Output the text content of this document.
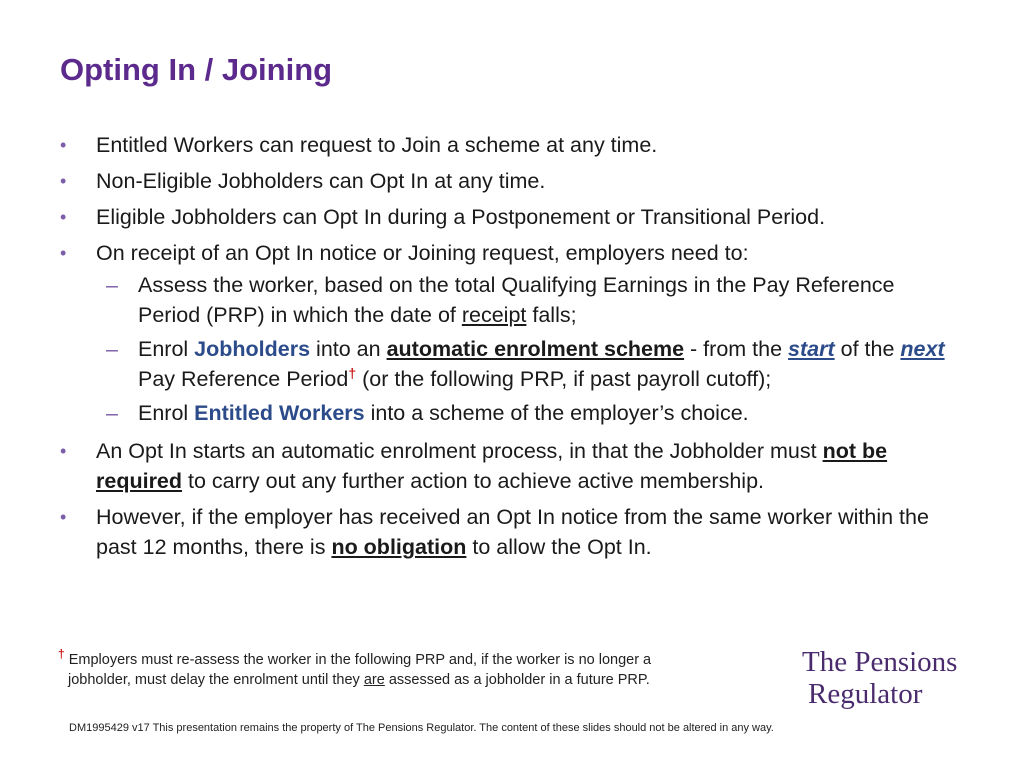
Opting In / Joining

• Entitled Workers can request to Join a scheme at any time.

• Non-Eligible Jobholders can Opt In at any time.

• Eligible Jobholders can Opt In during a Postponement or Transitional Period.

• On receipt of an Opt In notice or Joining request, employers need to:

– Assess the worker, based on the total Qualifying Earnings in the Pay Reference Period (PRP) in which the date of receipt falls;

– Enrol Jobholders into an automatic enrolment scheme - from the start of the next Pay Reference Period† (or the following PRP, if past payroll cutoff);

– Enrol Entitled Workers into a scheme of the employer’s choice.

• An Opt In starts an automatic enrolment process, in that the Jobholder must not be required to carry out any further action to achieve active membership.

• However, if the employer has received an Opt In notice from the same worker within the past 12 months, there is no obligation to allow the Opt In.

† Employers must re-assess the worker in the following PRP and, if the worker is no longer a
jobholder, must delay the enrolment until they are assessed as a jobholder in a future PRP.
The Pensions
Regulator
DM1995429 v17 This presentation remains the property of The Pensions Regulator. The content of these slides should not be altered in any way.
